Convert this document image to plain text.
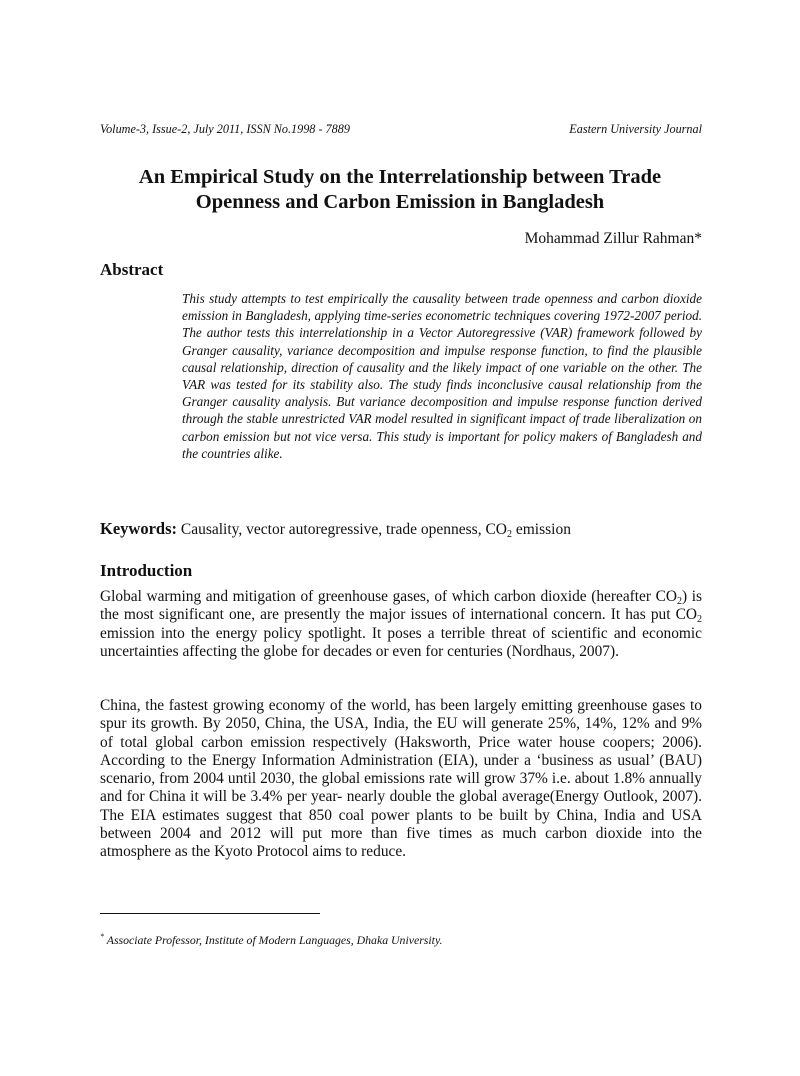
Volume-3, Issue-2, July 2011, ISSN No.1998 - 7889	Eastern University Journal
An Empirical Study on the Interrelationship between Trade
Openness and Carbon Emission in Bangladesh
Mohammad Zillur Rahman*
Abstract

This study attempts to test empirically the causality between trade openness and carbon dioxide emission in Bangladesh, applying time-series econometric techniques covering 1972-2007 period. The author tests this interrelationship in a Vector Autoregressive (VAR) framework followed by Granger causality, variance decomposition and impulse response function, to find the plausible causal relationship, direction of causality and the likely impact of one variable on the other. The VAR was tested for its stability also. The study finds inconclusive causal relationship from the Granger causality analysis. But variance decomposition and impulse response function derived through the stable unrestricted VAR model resulted in significant impact of trade liberalization on carbon emission but not vice versa. This study is important for policy makers of Bangladesh and the countries alike.

Keywords: Causality, vector autoregressive, trade openness, $CO_2$ emission
Introduction

Global warming and mitigation of greenhouse gases, of which carbon dioxide (hereafter $CO_2$) is the most significant one, are presently the major issues of international concern. It has put $CO_2$ emission into the energy policy spotlight. It poses a terrible threat of scientific and economic uncertainties affecting the globe for decades or even for centuries (Nordhaus, 2007).

China, the fastest growing economy of the world, has been largely emitting greenhouse gases to spur its growth. By 2050, China, the USA, India, the EU will generate 25%, 14%, 12% and 9% of total global carbon emission respectively (Haksworth, Price water house coopers; 2006). According to the Energy Information Administration (EIA), under a ‘business as usual’ (BAU) scenario, from 2004 until 2030, the global emissions rate will grow 37% i.e. about 1.8% annually and for China it will be 3.4% per year- nearly double the global average(Energy Outlook, 2007). The EIA estimates suggest that 850 coal power plants to be built by China, India and USA between 2004 and 2012 will put more than five times as much carbon dioxide into the atmosphere as the Kyoto Protocol aims to reduce.

* Associate Professor, Institute of Modern Languages, Dhaka University.
